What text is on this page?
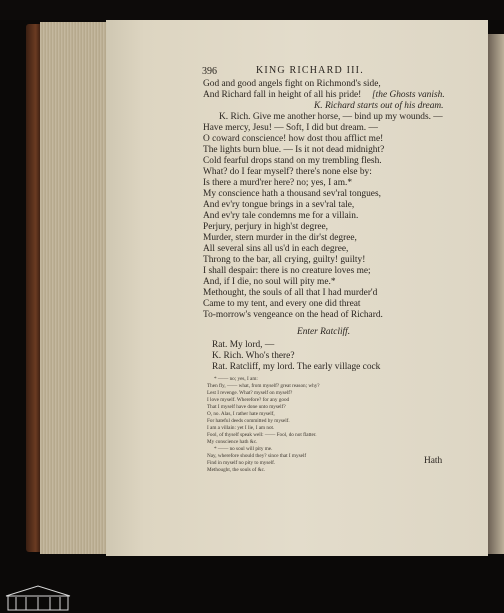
396	KING RICHARD III.
God and good angels fight on Richmond's side,
And Richard fall in height of all his pride! [the Ghosts vanish.
K. Richard starts out of his dream.
K. Rich. Give me another horse, — bind up my wounds. —
Have mercy, Jesu! — Soft, I did but dream. —
O coward conscience! how dost thou afflict me!
The lights burn blue. — Is it not dead midnight?
Cold fearful drops stand on my trembling flesh.
What? do I fear myself? there's none else by:
Is there a murd'rer here? no; yes, I am.*
My conscience hath a thousand sev'ral tongues,
And ev'ry tongue brings in a sev'ral tale,
And ev'ry tale condemns me for a villain.
Perjury, perjury in high'st degree,
Murder, stern murder in the dir'st degree,
All several sins all us'd in each degree,
Throng to the bar, all crying, guilty! guilty!
I shall despair: there is no creature loves me;
And, if I die, no soul will pity me.*
Methought, the souls of all that I had murder'd
Came to my tent, and every one did threat
To-morrow's vengeance on the head of Richard.
Enter Ratcliff.
Rat. My lord, —
K. Rich. Who's there?
Rat. Ratcliff, my lord. The early village cock
* —— no; yes, I am:
Then fly, —— what, from myself? great reason; why?
Lest I revenge. What? myself on myself?
I love myself. Wherefore? for any good
That I myself have done unto myself?
O, no. Alas, I rather hate myself,
For hateful deeds committed by myself.
I am a villain: yet I lie, I am not.
Fool, of thyself speak well: —— Fool, do not flatter.
My conscience hath &c.
* —— no soul will pity me.
Nay, wherefore should they? since that I myself
Find in myself no pity to myself.
Methought, the souls of &c.
Hath
